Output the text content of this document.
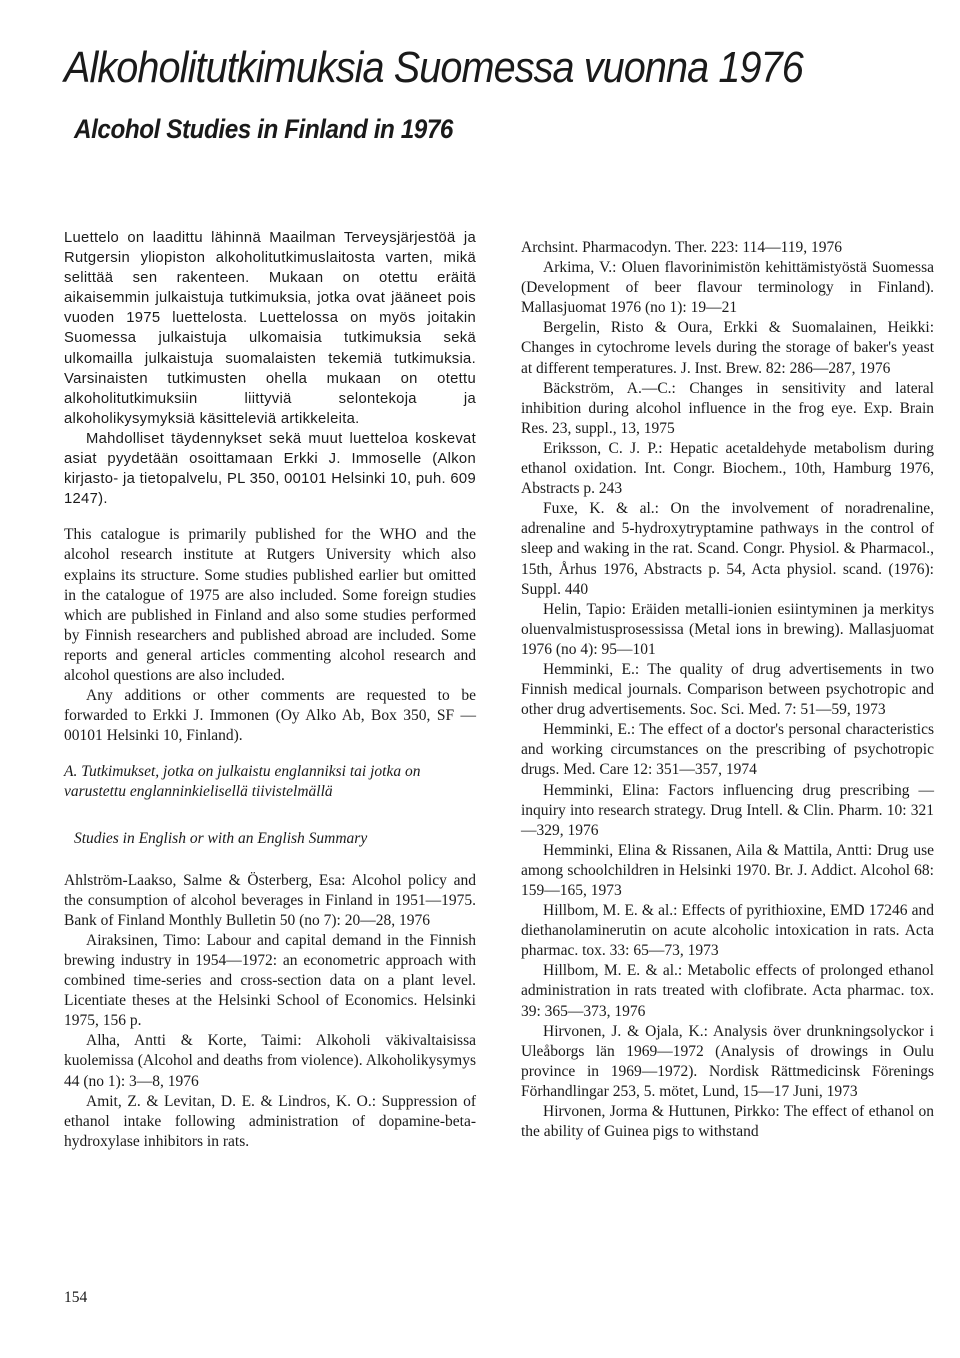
Alkoholitutkimuksia Suomessa vuonna 1976
Alcohol Studies in Finland in 1976

Luettelo on laadittu lähinnä Maailman Terveysjärjestöä ja Rutgersin yliopiston alkoholitutkimuslaitosta varten, mikä selittää sen rakenteen. Mukaan on otettu eräitä aikaisemmin julkaistuja tutkimuksia, jotka ovat jääneet pois vuoden 1975 luettelosta. Luettelossa on myös joitakin Suomessa julkaistuja ulkomaisia tutkimuksia sekä ulkomailla julkaistuja suomalaisten tekemiä tutkimuksia. Varsinaisten tutkimusten ohella mukaan on otettu alkoholitutkimuksiin liittyviä selontekoja ja alkoholikysymyksiä käsitteleviä artikkeleita.

Mahdolliset täydennykset sekä muut luetteloa koskevat asiat pyydetään osoittamaan Erkki J. Immoselle (Alkon kirjasto- ja tietopalvelu, PL 350, 00101 Helsinki 10, puh. 609 1247).

This catalogue is primarily published for the WHO and the alcohol research institute at Rutgers University which also explains its structure. Some studies published earlier but omitted in the catalogue of 1975 are also included. Some foreign studies which are published in Finland and also some studies performed by Finnish researchers and published abroad are included. Some reports and general articles commenting alcohol research and alcohol questions are also included.

Any additions or other comments are requested to be forwarded to Erkki J. Immonen (Oy Alko Ab, Box 350, SF — 00101 Helsinki 10, Finland).

A. Tutkimukset, jotka on julkaistu englanniksi tai jotka on varustettu englanninkielisellä tiivistelmällä

Studies in English or with an English Summary

Ahlström-Laakso, Salme & Österberg, Esa: Alcohol policy and the consumption of alcohol beverages in Finland in 1951—1975. Bank of Finland Monthly Bulletin 50 (no 7): 20—28, 1976

Airaksinen, Timo: Labour and capital demand in the Finnish brewing industry in 1954—1972: an econometric approach with combined time-series and cross-section data on a plant level. Licentiate theses at the Helsinki School of Economics. Helsinki 1975, 156 p.

Alha, Antti & Korte, Taimi: Alkoholi väkivaltaisissa kuolemissa (Alcohol and deaths from violence). Alkoholikysymys 44 (no 1): 3—8, 1976

Amit, Z. & Levitan, D. E. & Lindros, K. O.: Suppression of ethanol intake following administration of dopamine-beta-hydroxylase inhibitors in rats.

Archsint. Pharmacodyn. Ther. 223: 114—119, 1976

Arkima, V.: Oluen flavorinimistön kehittämistyöstä Suomessa (Development of beer flavour terminology in Finland). Mallasjuomat 1976 (no 1): 19—21

Bergelin, Risto & Oura, Erkki & Suomalainen, Heikki: Changes in cytochrome levels during the storage of baker's yeast at different temperatures. J. Inst. Brew. 82: 286—287, 1976

Bäckström, A.—C.: Changes in sensitivity and lateral inhibition during alcohol influence in the frog eye. Exp. Brain Res. 23, suppl., 13, 1975

Eriksson, C. J. P.: Hepatic acetaldehyde metabolism during ethanol oxidation. Int. Congr. Biochem., 10th, Hamburg 1976, Abstracts p. 243

Fuxe, K. & al.: On the involvement of noradrenaline, adrenaline and 5-hydroxytryptamine pathways in the control of sleep and waking in the rat. Scand. Congr. Physiol. & Pharmacol., 15th, Århus 1976, Abstracts p. 54, Acta physiol. scand. (1976): Suppl. 440

Helin, Tapio: Eräiden metalli-ionien esiintyminen ja merkitys oluenvalmistusprosessissa (Metal ions in brewing). Mallasjuomat 1976 (no 4): 95—101

Hemminki, E.: The quality of drug advertisements in two Finnish medical journals. Comparison between psychotropic and other drug advertisements. Soc. Sci. Med. 7: 51—59, 1973

Hemminki, E.: The effect of a doctor's personal characteristics and working circumstances on the prescribing of psychotropic drugs. Med. Care 12: 351—357, 1974

Hemminki, Elina: Factors influencing drug prescribing — inquiry into research strategy. Drug Intell. & Clin. Pharm. 10: 321—329, 1976

Hemminki, Elina & Rissanen, Aila & Mattila, Antti: Drug use among schoolchildren in Helsinki 1970. Br. J. Addict. Alcohol 68: 159—165, 1973

Hillbom, M. E. & al.: Effects of pyrithioxine, EMD 17246 and diethanolaminerutin on acute alcoholic intoxication in rats. Acta pharmac. tox. 33: 65—73, 1973

Hillbom, M. E. & al.: Metabolic effects of prolonged ethanol administration in rats treated with clofibrate. Acta pharmac. tox. 39: 365—373, 1976

Hirvonen, J. & Ojala, K.: Analysis över drunkningsolyckor i Uleåborgs län 1969—1972 (Analysis of drowings in Oulu province in 1969—1972). Nordisk Rättmedicinsk Förenings Förhandlingar 253, 5. mötet, Lund, 15—17 Juni, 1973

Hirvonen, Jorma & Huttunen, Pirkko: The effect of ethanol on the ability of Guinea pigs to withstand

154
